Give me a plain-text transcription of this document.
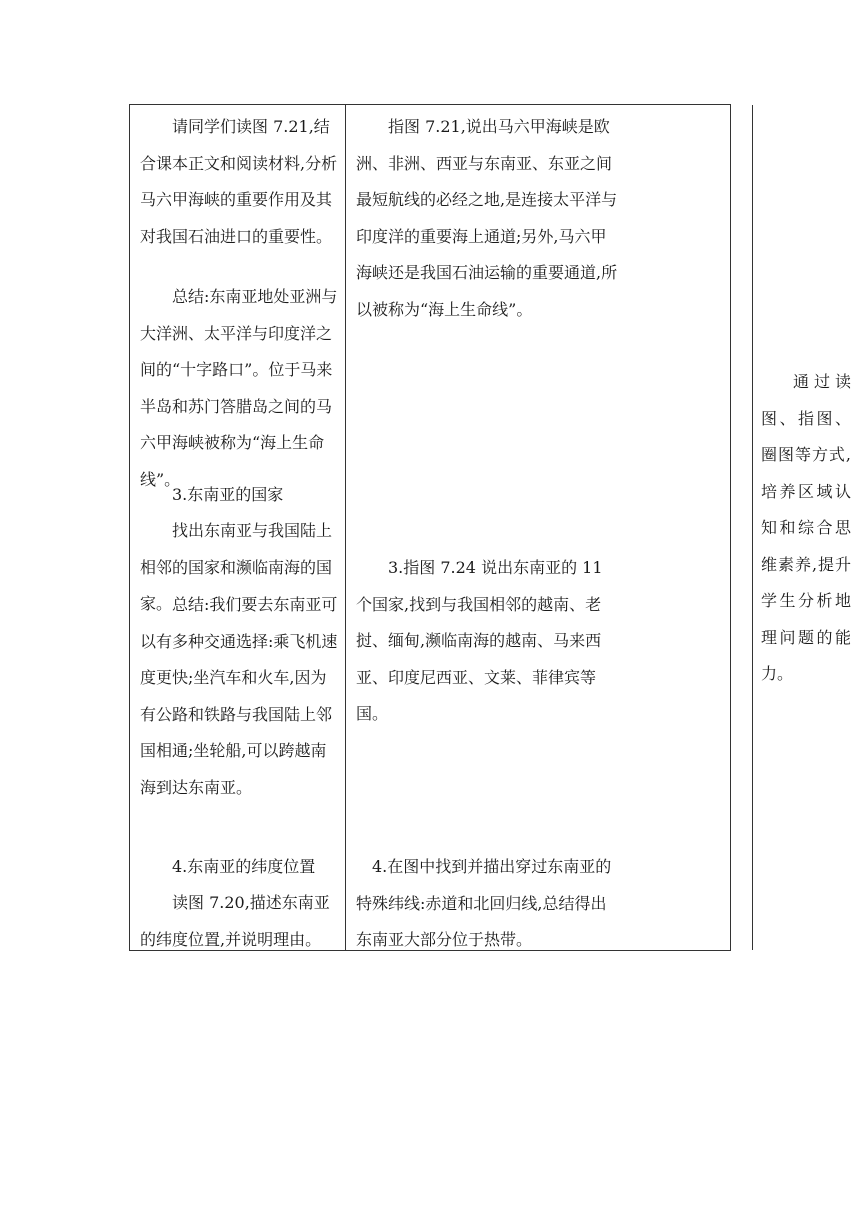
请同学们读图 7.21,结合课本正文和阅读材料,分析马六甲海峡的重要作用及其对我国石油进口的重要性。

总结:东南亚地处亚洲与大洋洲、太平洋与印度洋之间的“十字路口”。位于马来半岛和苏门答腊岛之间的马六甲海峡被称为“海上生命线”。

3.东南亚的国家

找出东南亚与我国陆上相邻的国家和濒临南海的国家。 总结:我们要去东南亚可以有多种交通选择:乘飞机速度更快;坐汽车和火车,因为有公路和铁路与我国陆上邻国相通;坐轮船,可以跨越南海到达东南亚。

4.东南亚的纬度位置

读图 7.20,描述东南亚的纬度位置,并说明理由。

指图 7.21,说出马六甲海峡是欧洲、非洲、西亚与东南亚、东亚之间最短航线的必经之地,是连接太平洋与印度洋的重要海上通道;另外,马六甲海峡还是我国石油运输的重要通道,所以被称为“海上生命线”。

3.指图 7.24 说出东南亚的 11 个国家,找到与我国相邻的越南、老挝、缅甸,濒临南海的越南、马来西亚、印度尼西亚、文莱、菲律宾等国。

4.在图中找到并描出穿过东南亚的特殊纬线:赤道和北回归线,总结得出东南亚大部分位于热带。

通过读图、指图、圈图等方式,培养区域认知和综合思维素养,提升学生分析地理问题的能力。
